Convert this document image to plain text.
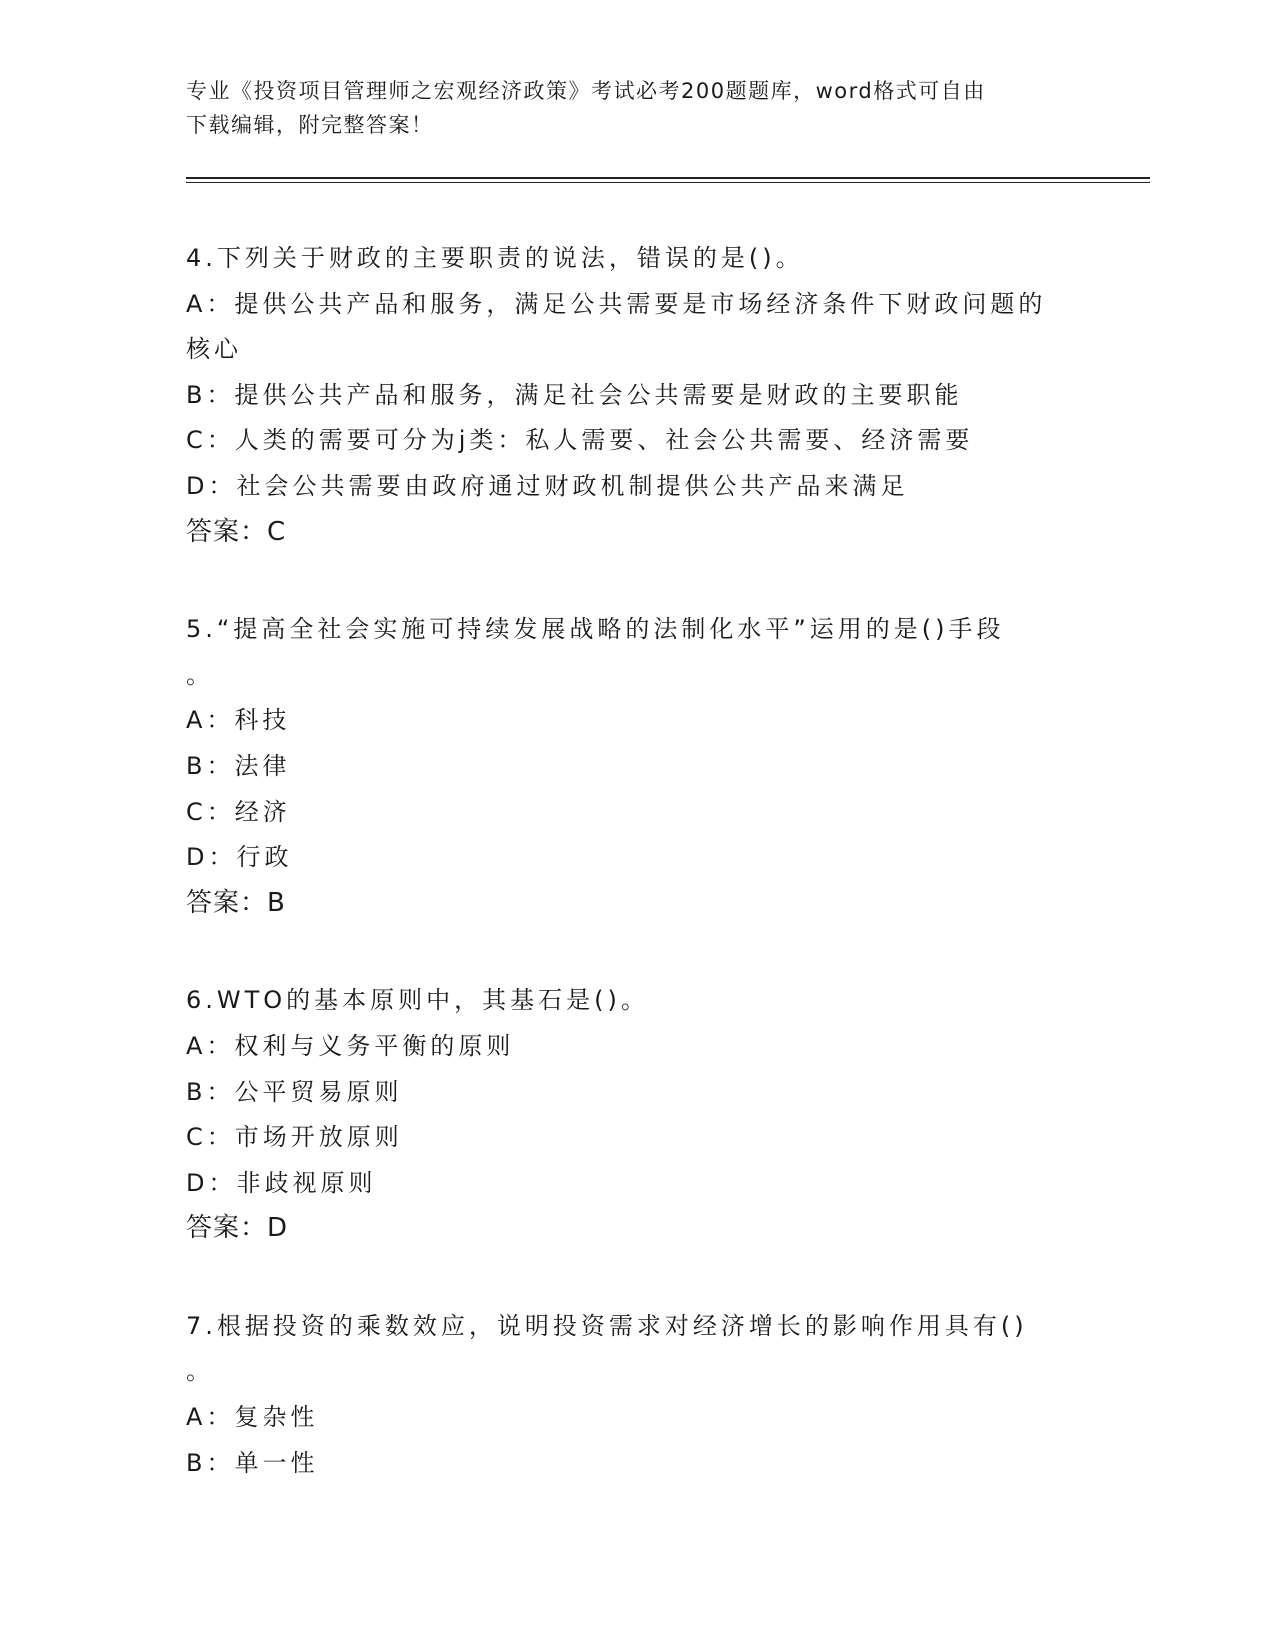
专业《投资项目管理师之宏观经济政策》考试必考200题题库，word格式可自由
下载编辑，附完整答案！
4.下列关于财政的主要职责的说法，错误的是()。
A：提供公共产品和服务，满足公共需要是市场经济条件下财政问题的
核心
B：提供公共产品和服务，满足社会公共需要是财政的主要职能
C：人类的需要可分为j类：私人需要、社会公共需要、经济需要
D：社会公共需要由政府通过财政机制提供公共产品来满足
答案：C
5.“提高全社会实施可持续发展战略的法制化水平”运用的是()手段
。
A：科技
B：法律
C：经济
D：行政
答案：B
6.WTO的基本原则中，其基石是()。
A：权利与义务平衡的原则
B：公平贸易原则
C：市场开放原则
D：非歧视原则
答案：D
7.根据投资的乘数效应，说明投资需求对经济增长的影响作用具有()
。
A：复杂性
B：单一性
